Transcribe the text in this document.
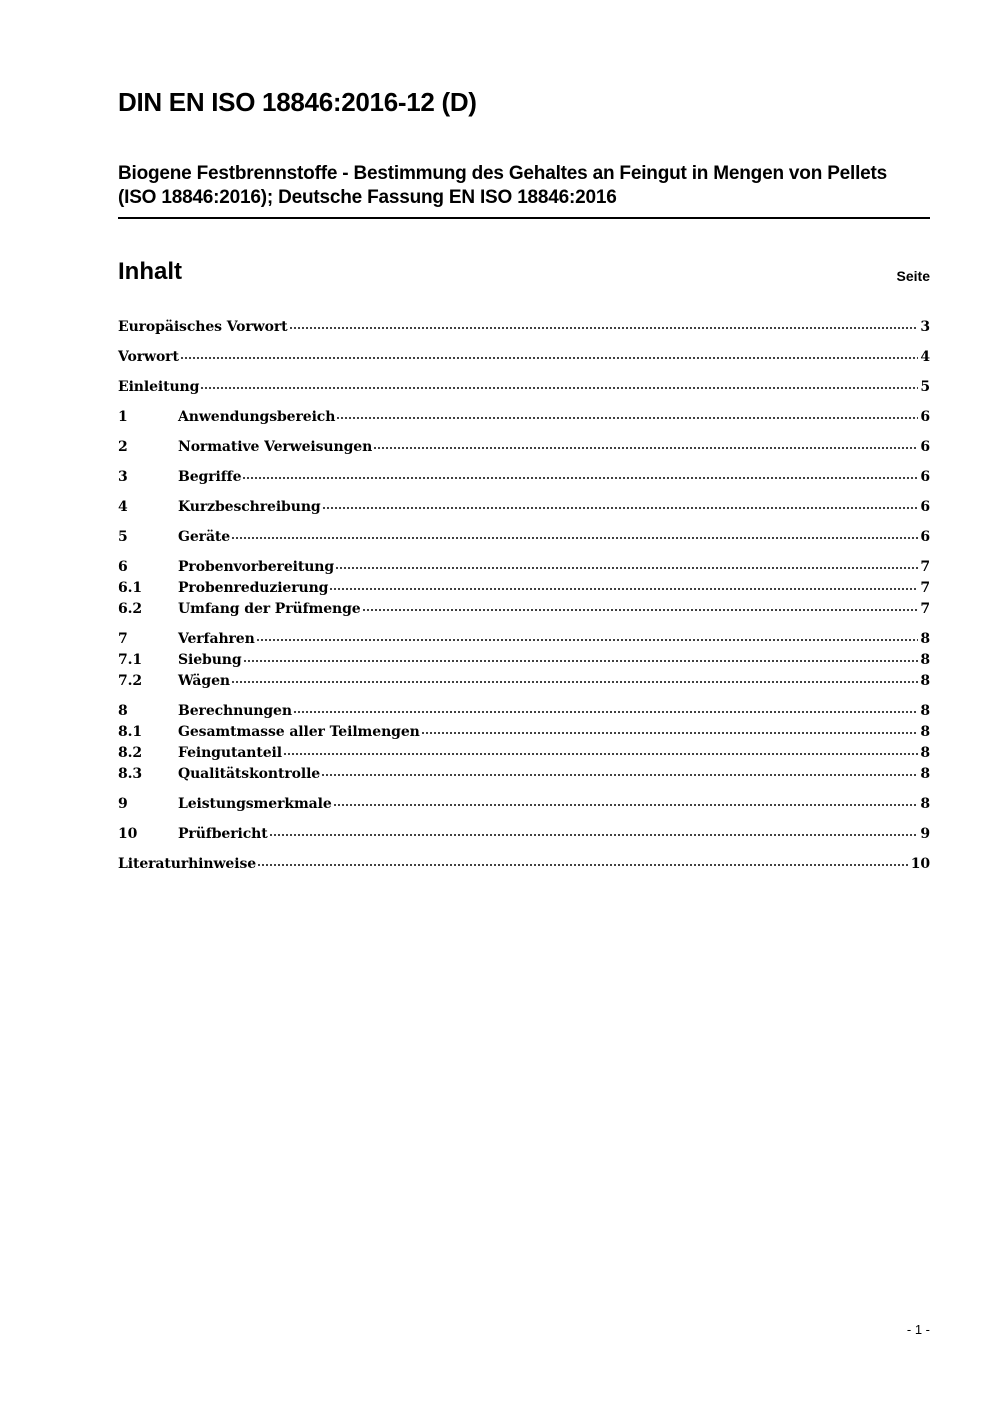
DIN EN ISO 18846:2016-12 (D)
Biogene Festbrennstoffe - Bestimmung des Gehaltes an Feingut in Mengen von Pellets (ISO 18846:2016); Deutsche Fassung EN ISO 18846:2016
Inhalt	Seite
Europäisches Vorwort	3
Vorwort	4
Einleitung	5
1	Anwendungsbereich	6
2	Normative Verweisungen	6
3	Begriffe	6
4	Kurzbeschreibung	6
5	Geräte	6
6	Probenvorbereitung	7
6.1	Probenreduzierung	7
6.2	Umfang der Prüfmenge	7
7	Verfahren	8
7.1	Siebung	8
7.2	Wägen	8
8	Berechnungen	8
8.1	Gesamtmasse aller Teilmengen	8
8.2	Feingutanteil	8
8.3	Qualitätskontrolle	8
9	Leistungsmerkmale	8
10	Prüfbericht	9
Literaturhinweise	10
- 1 -
